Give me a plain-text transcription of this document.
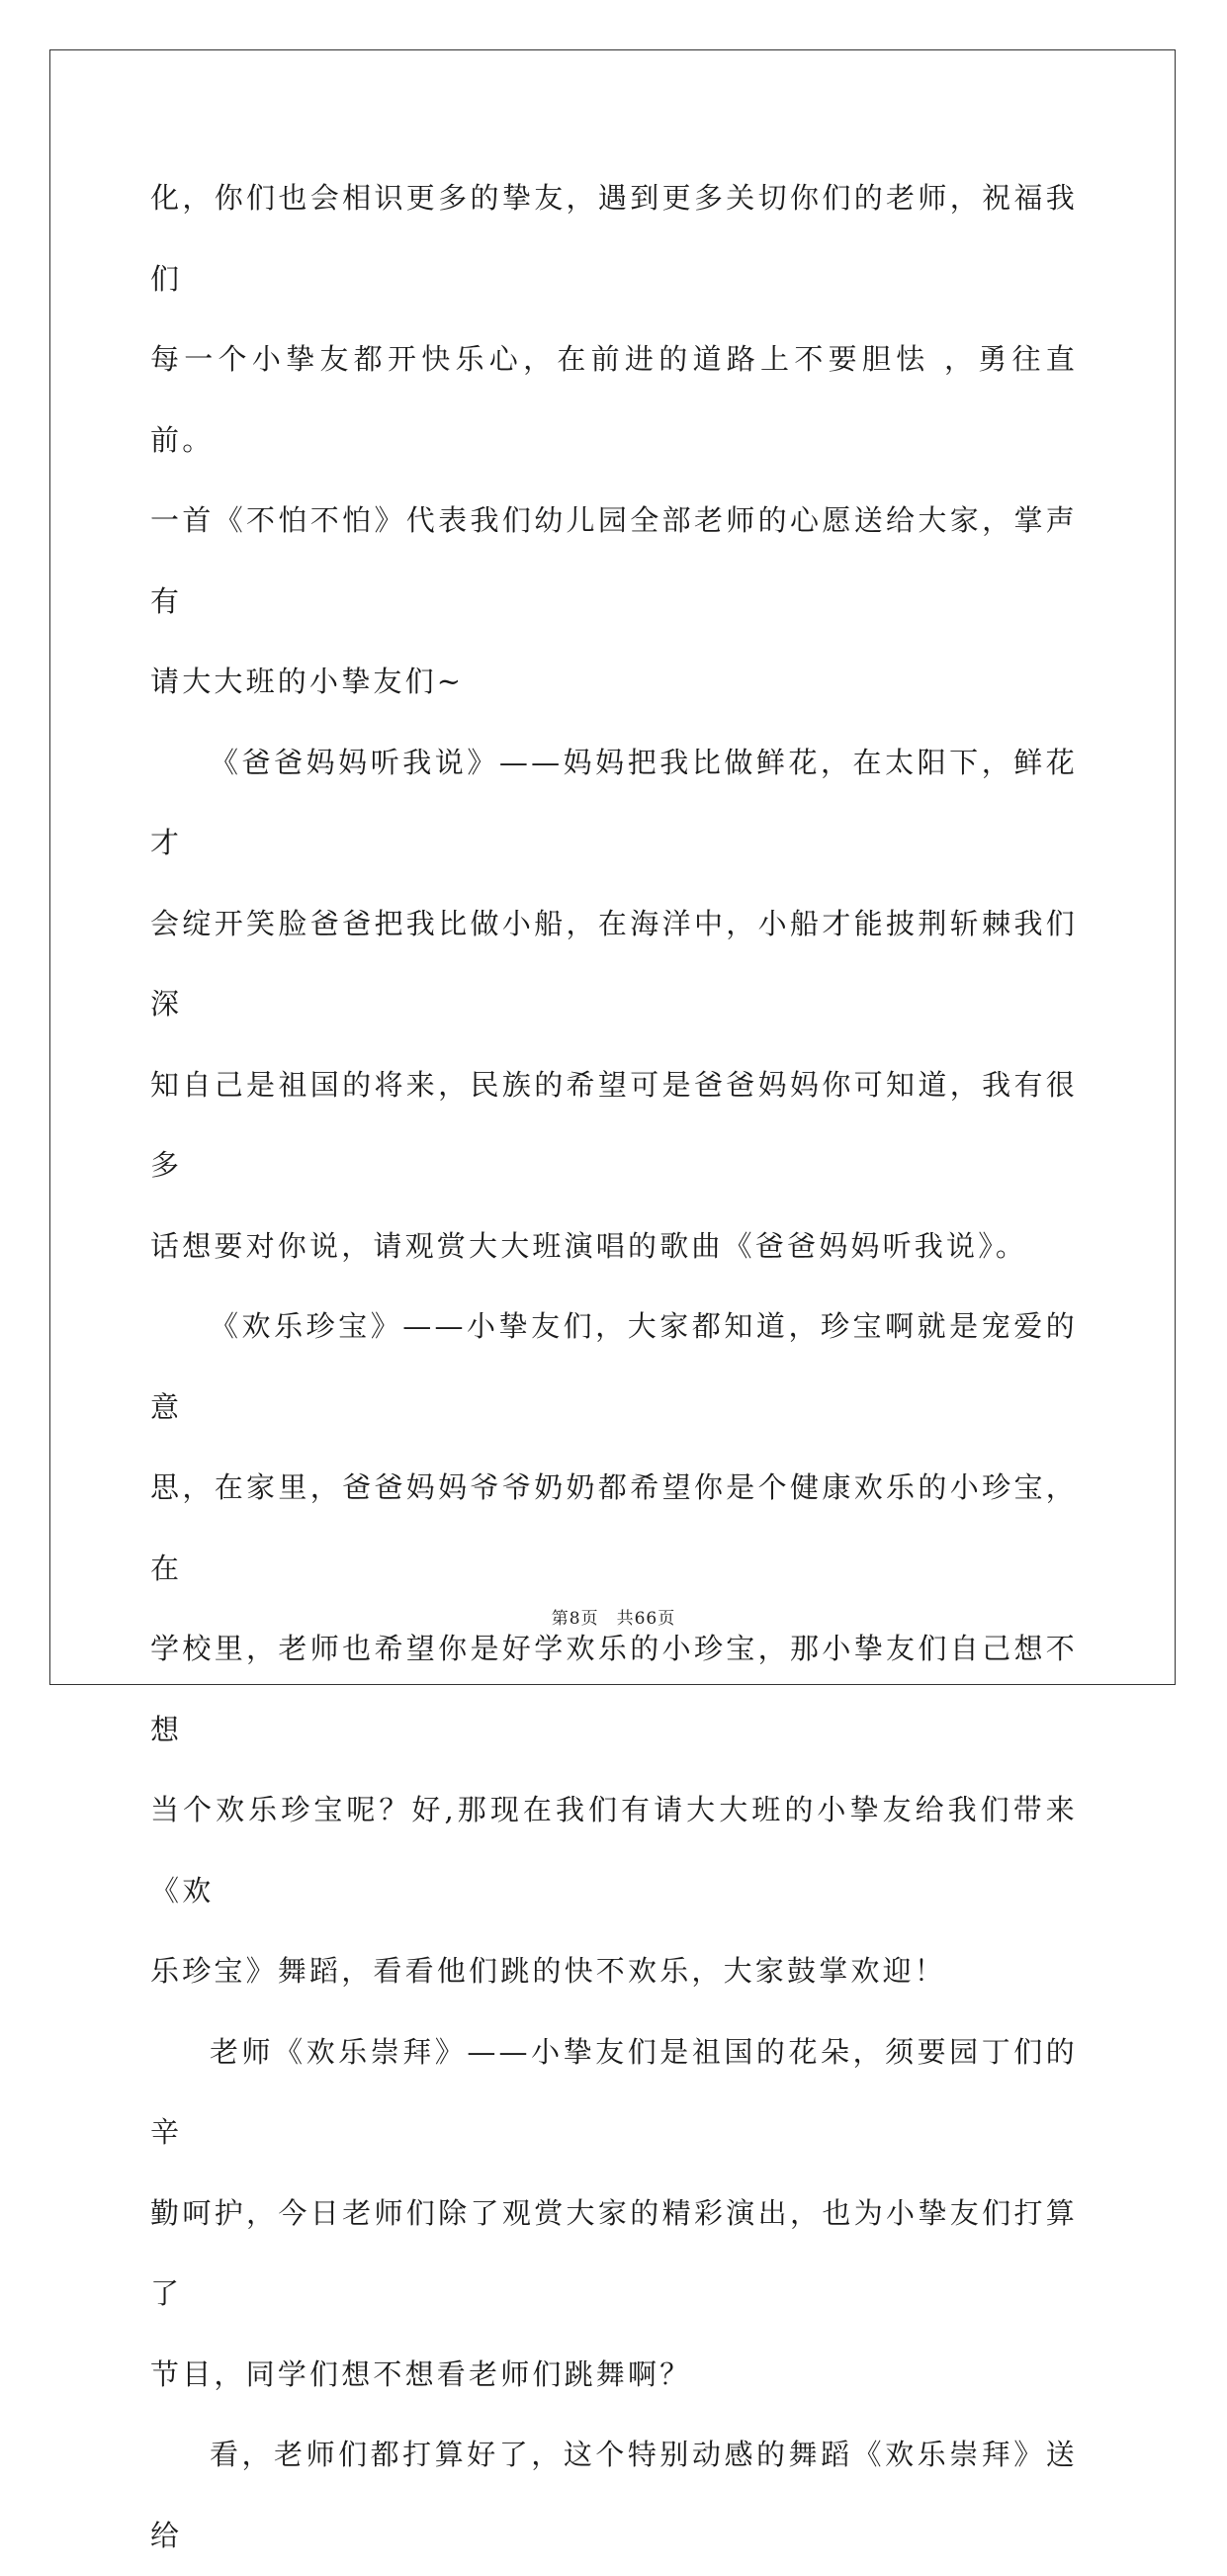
化，你们也会相识更多的挚友，遇到更多关切你们的老师，祝福我们
每一个小挚友都开快乐心，在前进的道路上不要胆怯 ，勇往直前。
一首《不怕不怕》代表我们幼儿园全部老师的心愿送给大家，掌声有
请大大班的小挚友们~

《爸爸妈妈听我说》——妈妈把我比做鲜花，在太阳下，鲜花才
会绽开笑脸爸爸把我比做小船，在海洋中，小船才能披荆斩棘我们深
知自己是祖国的将来，民族的希望可是爸爸妈妈你可知道，我有很多
话想要对你说，请观赏大大班演唱的歌曲《爸爸妈妈听我说》。

《欢乐珍宝》——小挚友们，大家都知道，珍宝啊就是宠爱的意
思，在家里，爸爸妈妈爷爷奶奶都希望你是个健康欢乐的小珍宝，在
学校里，老师也希望你是好学欢乐的小珍宝，那小挚友们自己想不想
当个欢乐珍宝呢？好,那现在我们有请大大班的小挚友给我们带来《欢
乐珍宝》舞蹈，看看他们跳的快不欢乐，大家鼓掌欢迎！

老师《欢乐崇拜》——小挚友们是祖国的花朵，须要园丁们的辛
勤呵护，今日老师们除了观赏大家的精彩演出，也为小挚友们打算了
节目，同学们想不想看老师们跳舞啊？

看，老师们都打算好了，这个特别动感的舞蹈《欢乐崇拜》送给

第8页 共66页
